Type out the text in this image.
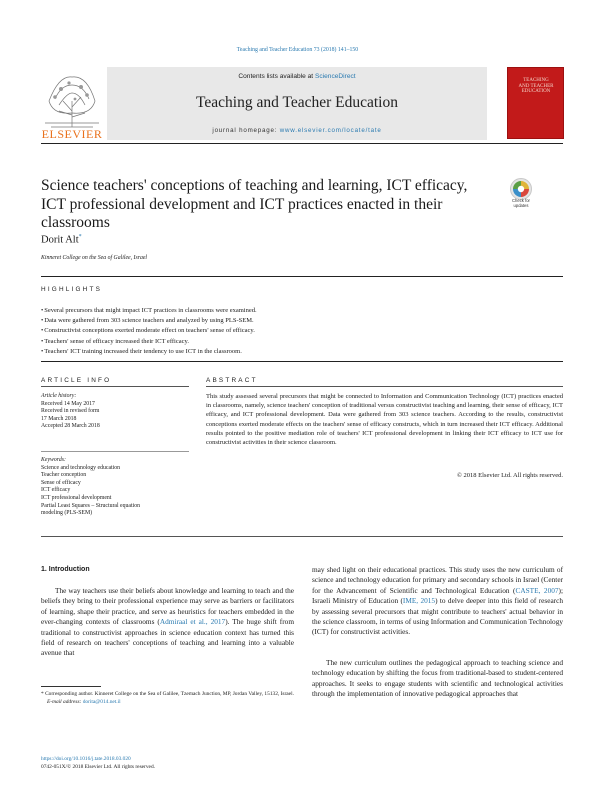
Teaching and Teacher Education 73 (2018) 141–150
ELSEVIER
Contents lists available at ScienceDirect
Teaching and Teacher Education
journal homepage: www.elsevier.com/locate/tate
TEACHING
AND TEACHER
EDUCATION
Science teachers' conceptions of teaching and learning, ICT efficacy, ICT professional development and ICT practices enacted in their classrooms
Check for
updates
Dorit Alt*
Kinneret College on the Sea of Galilee, Israel
HIGHLIGHTS
• Several precursors that might impact ICT practices in classrooms were examined.
• Data were gathered from 303 science teachers and analyzed by using PLS-SEM.
• Constructivist conceptions exerted moderate effect on teachers' sense of efficacy.
• Teachers' sense of efficacy increased their ICT efficacy.
• Teachers' ICT training increased their tendency to use ICT in the classroom.
ARTICLE INFO
Article history:
Received 14 May 2017
Received in revised form
17 March 2018
Accepted 28 March 2018
Keywords:
Science and technology education
Teacher conception
Sense of efficacy
ICT efficacy
ICT professional development
Partial Least Squares – Structural equation
modeling (PLS-SEM)
ABSTRACT
This study assessed several precursors that might be connected to Information and Communication Technology (ICT) practices enacted in classrooms, namely, science teachers' conception of traditional versus constructivist teaching and learning, their sense of efficacy, ICT efficacy, and ICT professional development. Data were gathered from 303 science teachers. According to the results, constructivist conceptions exerted moderate effects on the teachers' sense of efficacy constructs, which in turn increased their ICT efficacy. Additional results pointed to the positive mediation role of teachers' ICT professional development in linking their ICT efficacy to ICT use for constructivist activities in their science classroom.
© 2018 Elsevier Ltd. All rights reserved.
1. Introduction
The way teachers use their beliefs about knowledge and learning to teach and the beliefs they bring to their professional experience may serve as barriers or facilitators of learning, shape their practice, and serve as heuristics for teachers embedded in the ever-changing contexts of classrooms (Admiraal et al., 2017). The huge shift from traditional to constructivist approaches in science education context has turned this field of research on teachers' conceptions of teaching and learning into a valuable avenue that
may shed light on their educational practices. This study uses the new curriculum of science and technology education for primary and secondary schools in Israel (Center for the Advancement of Scientific and Technological Education (CASTE, 2007); Israeli Ministry of Education (IME, 2015) to delve deeper into this field of research by assessing several precursors that might contribute to teachers' actual behavior in the science classroom, in terms of using Information and Communication Technology (ICT) for constructivist activities.
The new curriculum outlines the pedagogical approach to teaching science and technology education by shifting the focus from traditional-based to student-centered approaches. It seeks to engage students with scientific and technological activities through the implementation of innovative pedagogical approaches that
* Corresponding author. Kinneret College on the Sea of Galilee, Tzemach Junction, MP, Jordan Valley, 15132, Israel.
E-mail address: dorita@014.net.il
https://doi.org/10.1016/j.tate.2018.03.020
0742-051X/© 2018 Elsevier Ltd. All rights reserved.
